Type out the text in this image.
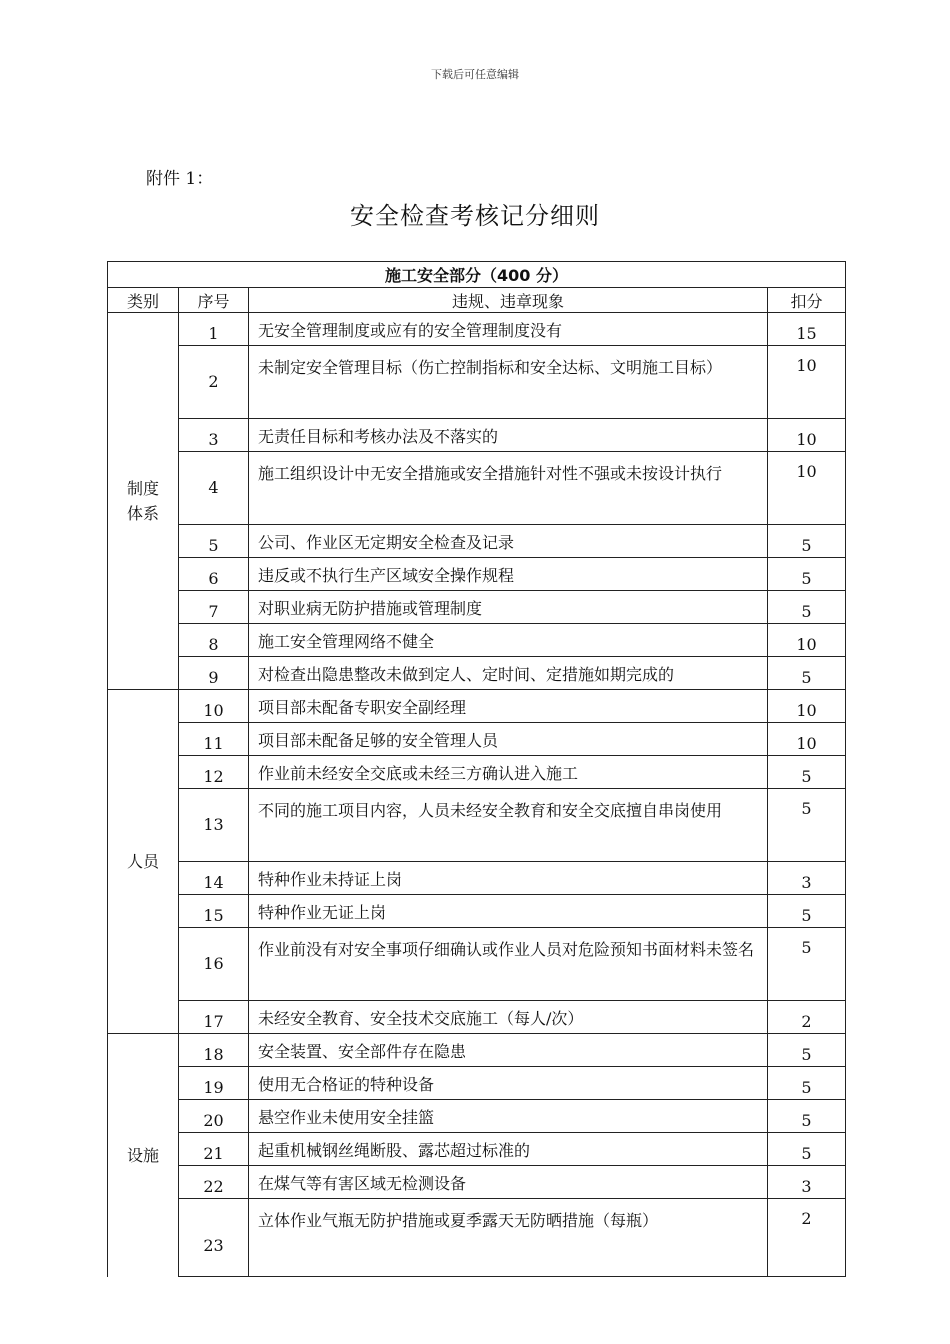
下载后可任意编辑
附件 1：
安全检查考核记分细则
施工安全部分（400 分）			
类别	序号	违规、违章现象	扣分
制度
体系	1	无安全管理制度或应有的安全管理制度没有	15
	2	未制定安全管理目标（伤亡控制指标和安全达标、文明施工目标）	10
	3	无责任目标和考核办法及不落实的	10
	4	施工组织设计中无安全措施或安全措施针对性不强或未按设计执行	10
	5	公司、作业区无定期安全检查及记录	5
	6	违反或不执行生产区域安全操作规程	5
	7	对职业病无防护措施或管理制度	5
	8	施工安全管理网络不健全	10
	9	对检查出隐患整改未做到定人、定时间、定措施如期完成的	5
人员	10	项目部未配备专职安全副经理	10
	11	项目部未配备足够的安全管理人员	10
	12	作业前未经安全交底或未经三方确认进入施工	5
	13	不同的施工项目内容，人员未经安全教育和安全交底擅自串岗使用	5
	14	特种作业未持证上岗	3
	15	特种作业无证上岗	5
	16	作业前没有对安全事项仔细确认或作业人员对危险预知书面材料未签名	5
	17	未经安全教育、安全技术交底施工（每人/次）	2
设施	18	安全装置、安全部件存在隐患	5
	19	使用无合格证的特种设备	5
	20	悬空作业未使用安全挂篮	5
	21	起重机械钢丝绳断股、露芯超过标准的	5
	22	在煤气等有害区域无检测设备	3
	23	立体作业气瓶无防护措施或夏季露天无防晒措施（每瓶）	2
